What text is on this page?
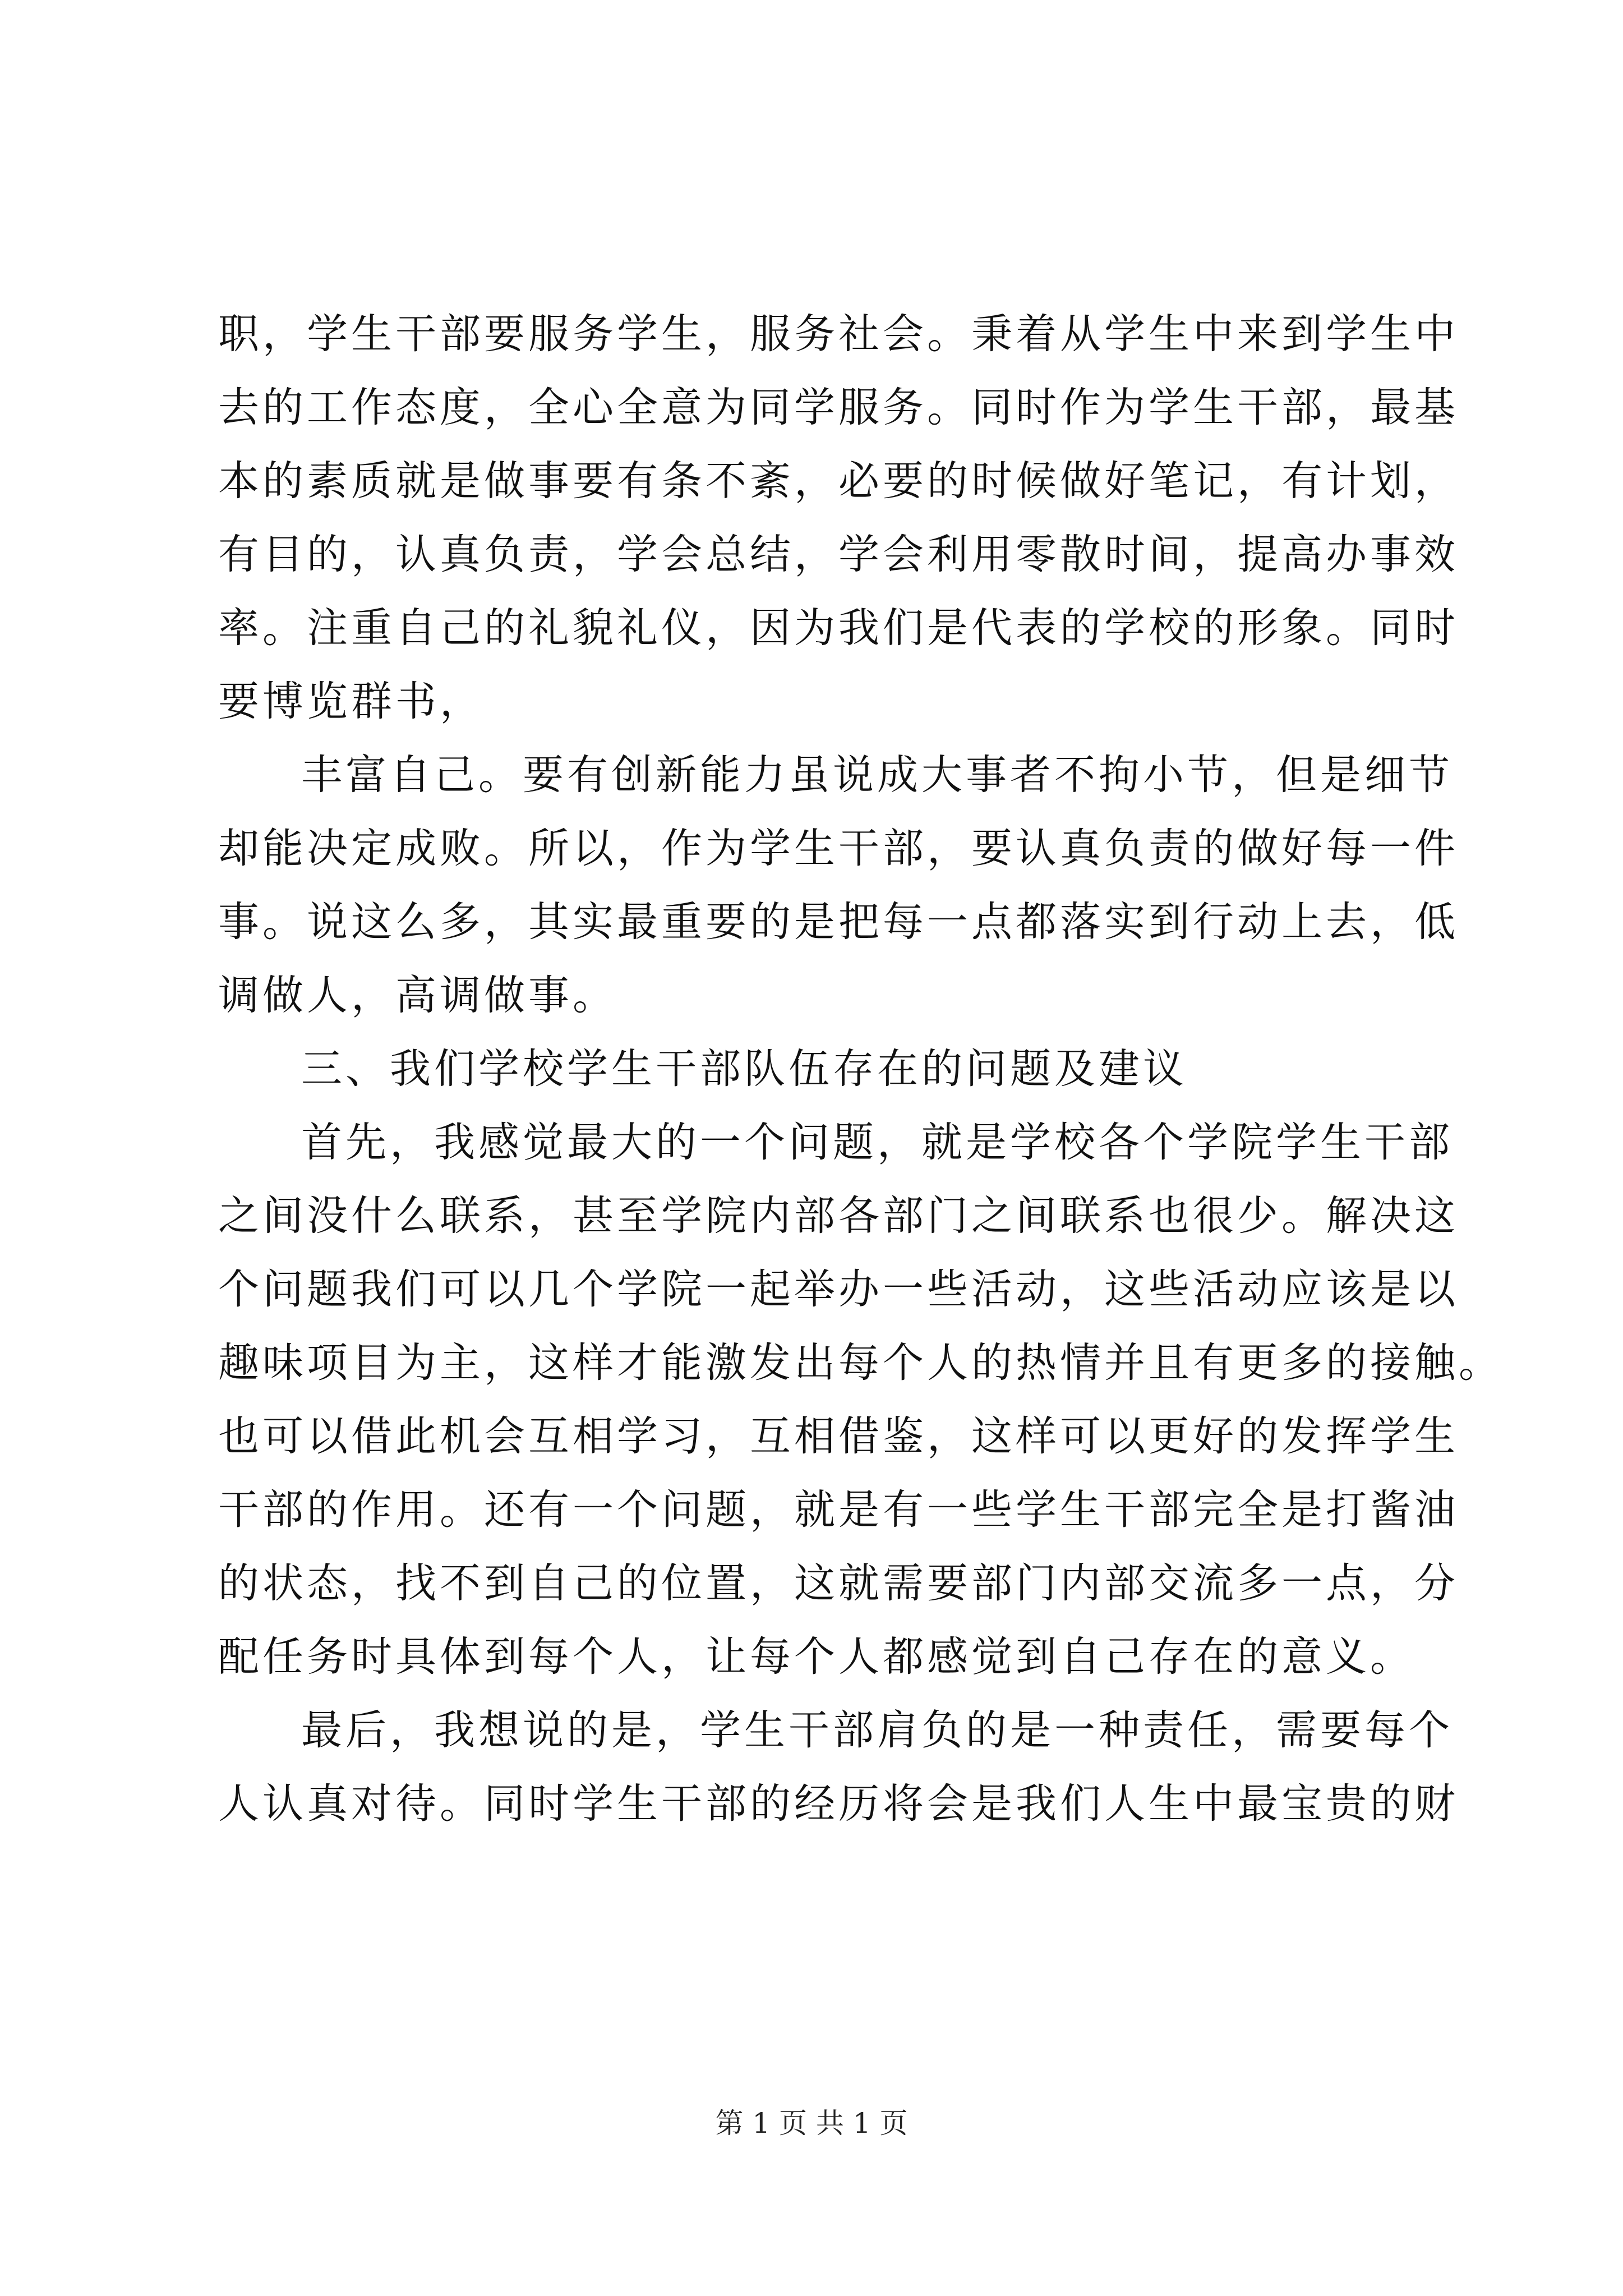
职，学生干部要服务学生，服务社会。秉着从学生中来到学生中
去的工作态度，全心全意为同学服务。同时作为学生干部，最基
本的素质就是做事要有条不紊，必要的时候做好笔记，有计划，
有目的，认真负责，学会总结，学会利用零散时间，提高办事效
率。注重自己的礼貌礼仪，因为我们是代表的学校的形象。同时
要博览群书，
丰富自己。要有创新能力虽说成大事者不拘小节，但是细节
却能决定成败。所以，作为学生干部，要认真负责的做好每一件
事。说这么多，其实最重要的是把每一点都落实到行动上去，低
调做人，高调做事。
三、我们学校学生干部队伍存在的问题及建议
首先，我感觉最大的一个问题，就是学校各个学院学生干部
之间没什么联系，甚至学院内部各部门之间联系也很少。解决这
个问题我们可以几个学院一起举办一些活动，这些活动应该是以
趣味项目为主，这样才能激发出每个人的热情并且有更多的接触。
也可以借此机会互相学习，互相借鉴，这样可以更好的发挥学生
干部的作用。还有一个问题，就是有一些学生干部完全是打酱油
的状态，找不到自己的位置，这就需要部门内部交流多一点，分
配任务时具体到每个人，让每个人都感觉到自己存在的意义。
最后，我想说的是，学生干部肩负的是一种责任，需要每个
人认真对待。同时学生干部的经历将会是我们人生中最宝贵的财
第 1 页 共 1 页
